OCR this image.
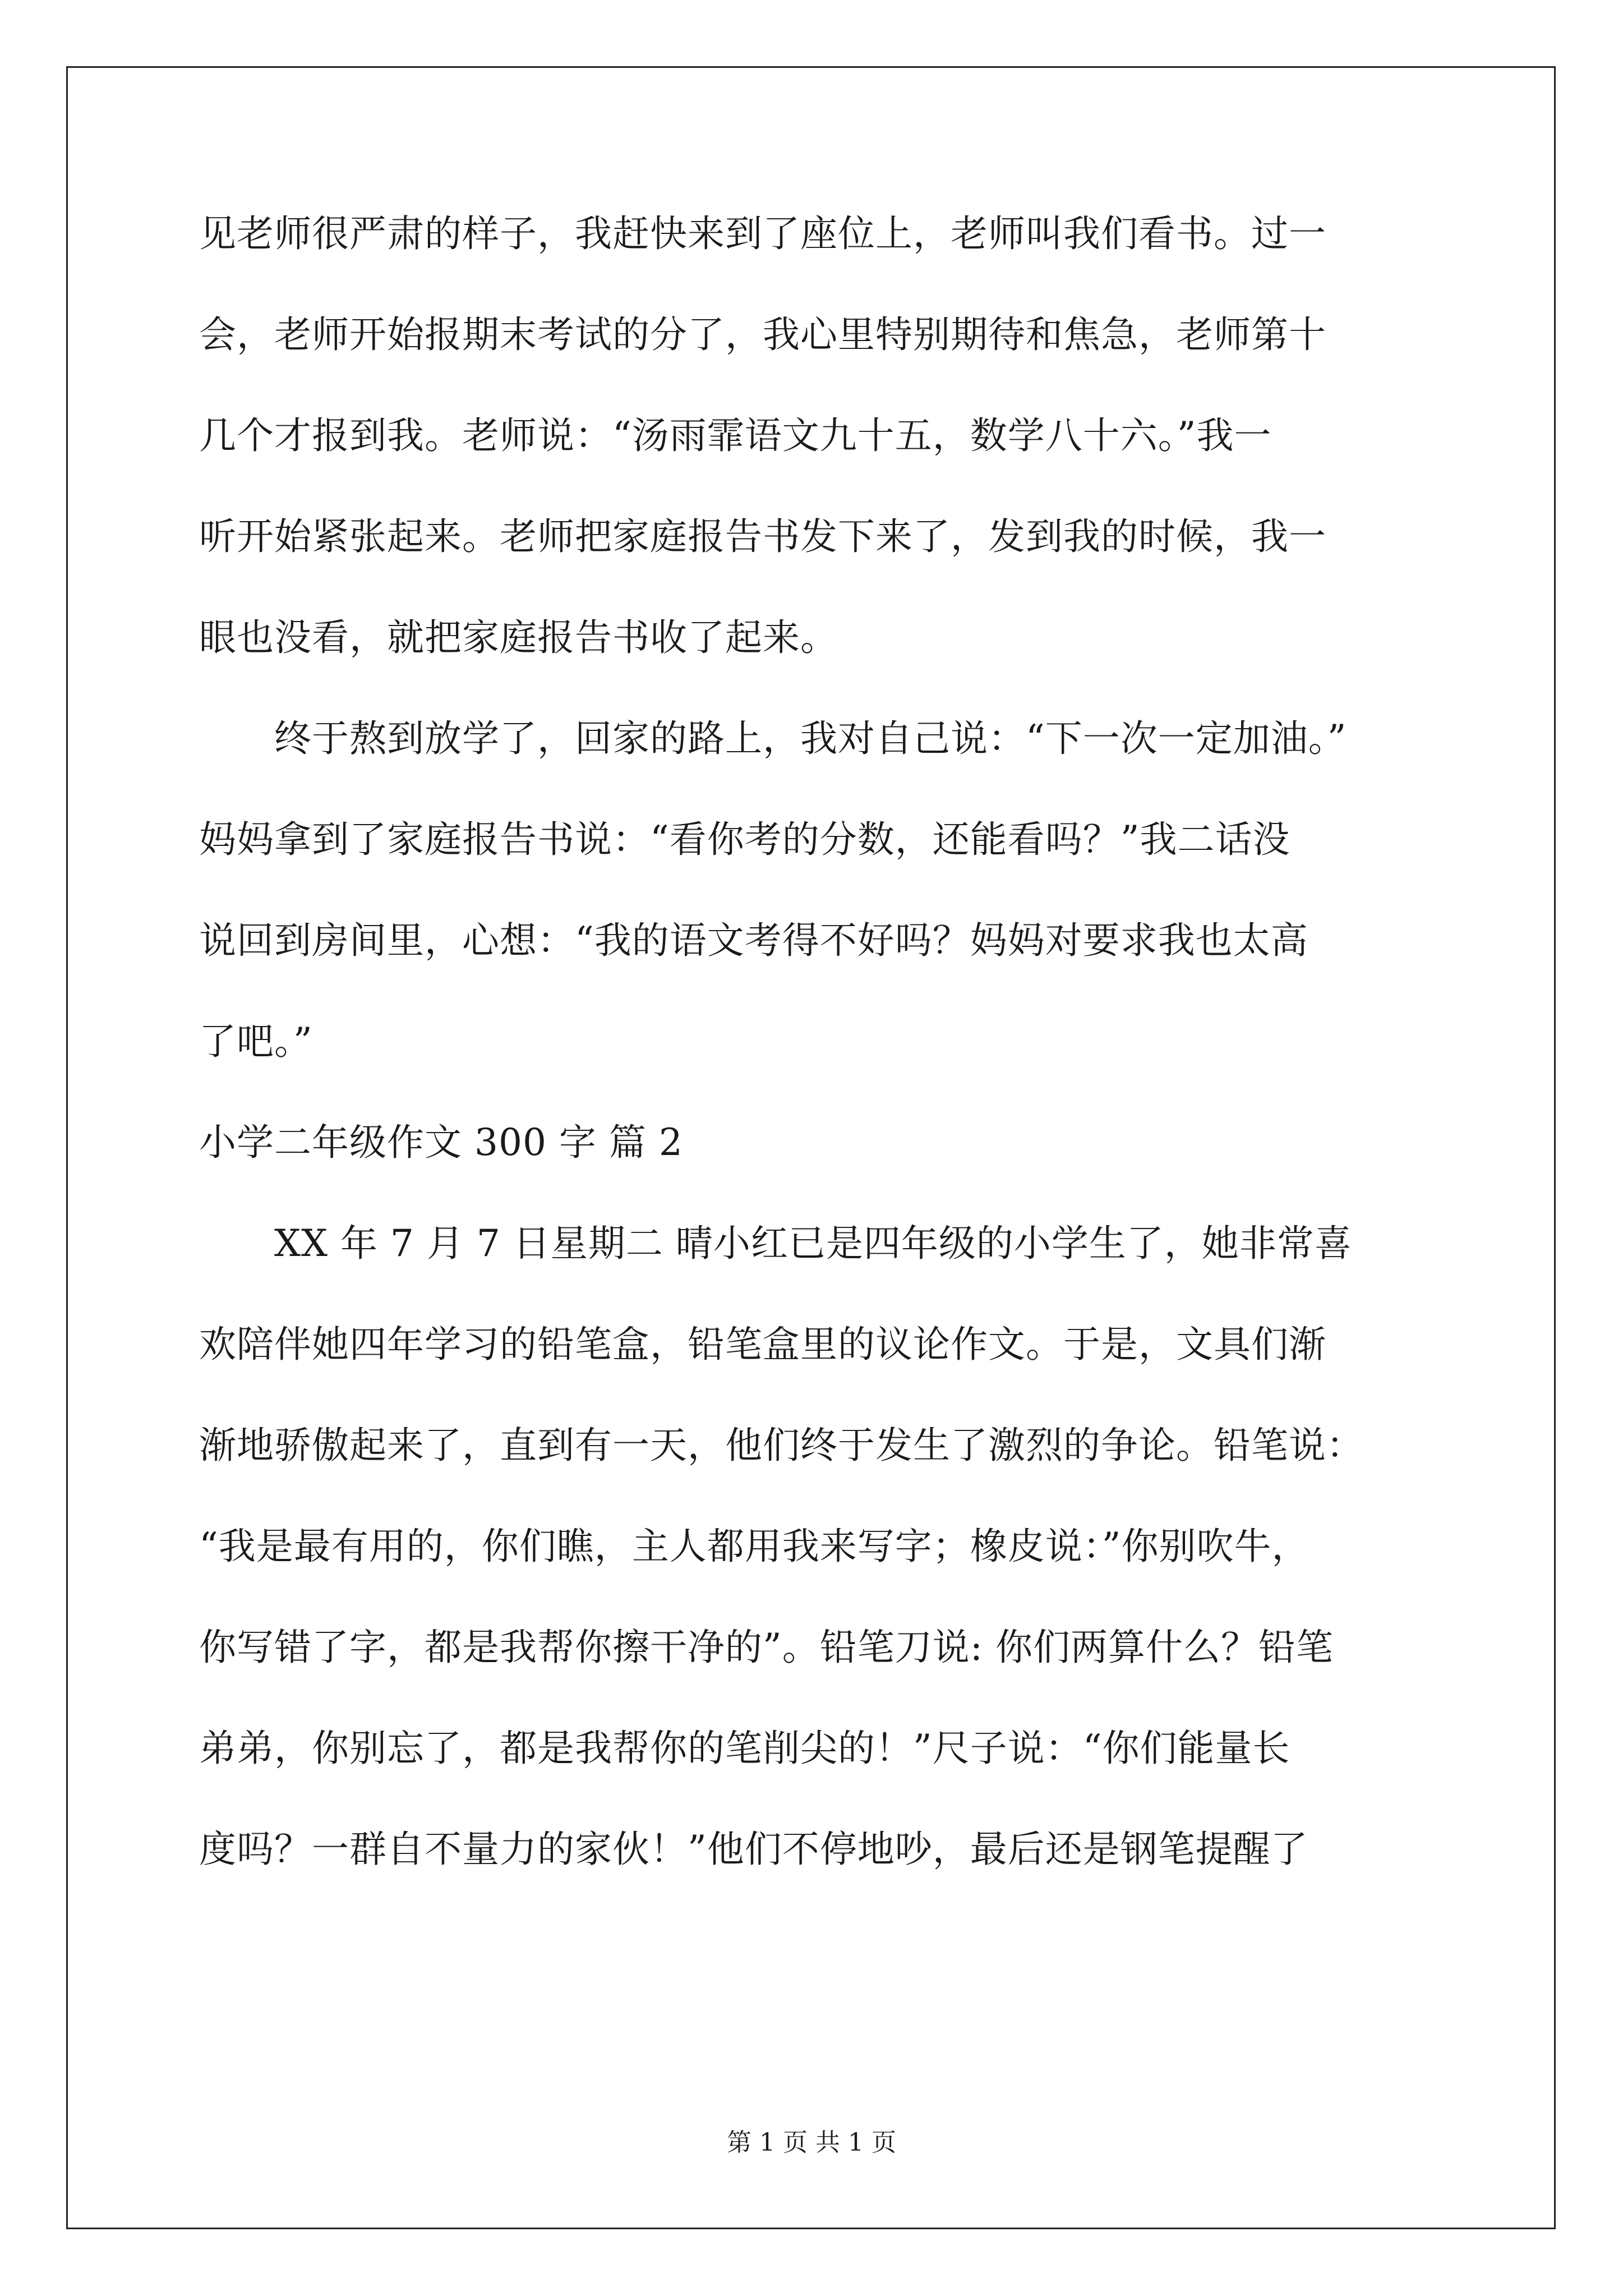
见老师很严肃的样子，我赶快来到了座位上，老师叫我们看书。过一
会，老师开始报期末考试的分了，我心里特别期待和焦急，老师第十
几个才报到我。老师说：“汤雨霏语文九十五，数学八十六。”我一
听开始紧张起来。老师把家庭报告书发下来了，发到我的时候，我一
眼也没看，就把家庭报告书收了起来。
　　终于熬到放学了，回家的路上，我对自己说：“下一次一定加油。”
妈妈拿到了家庭报告书说：“看你考的分数，还能看吗？”我二话没
说回到房间里，心想：“我的语文考得不好吗？妈妈对要求我也太高
了吧。”
小学二年级作文 300 字 篇 2
　　XX 年 7 月 7 日星期二 晴小红已是四年级的小学生了，她非常喜
欢陪伴她四年学习的铅笔盒，铅笔盒里的议论作文。于是，文具们渐
渐地骄傲起来了，直到有一天，他们终于发生了激烈的争论。铅笔说：
“我是最有用的，你们瞧，主人都用我来写字；橡皮说：”你别吹牛，
你写错了字，都是我帮你擦干净的”。铅笔刀说: 你们两算什么？铅笔
弟弟，你别忘了，都是我帮你的笔削尖的！”尺子说：“你们能量长
度吗？一群自不量力的家伙！”他们不停地吵，最后还是钢笔提醒了
第 1 页 共 1 页
